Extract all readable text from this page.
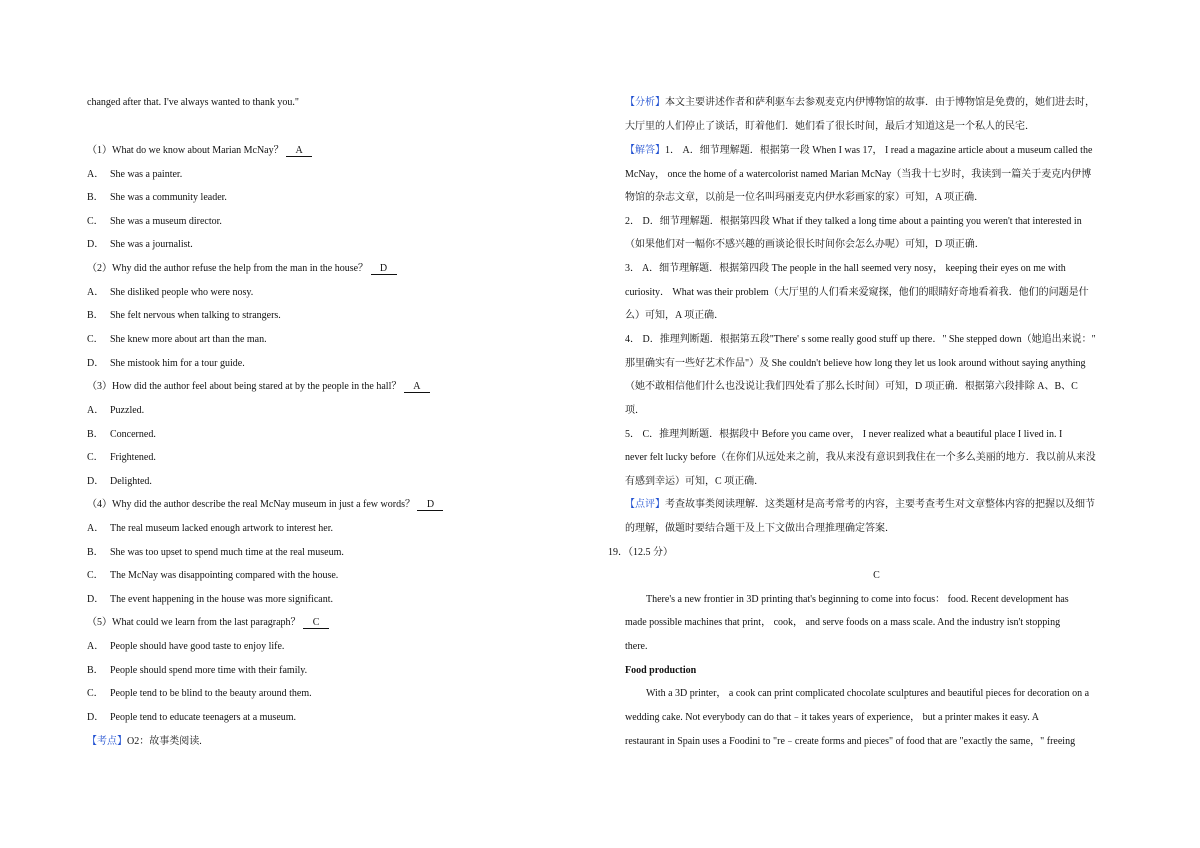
changed after that. I've always wanted to thank you."
（1）What do we know about Marian McNay？ A
A． She was a painter.
B． She was a community leader.
C． She was a museum director.
D． She was a journalist.
（2）Why did the author refuse the help from the man in the house？ D
A． She disliked people who were nosy.
B． She felt nervous when talking to strangers.
C． She knew more about art than the man.
D． She mistook him for a tour guide.
（3）How did the author feel about being stared at by the people in the hall？ A
A． Puzzled.
B． Concerned.
C． Frightened.
D． Delighted.
（4）Why did the author describe the real McNay museum in just a few words？ D
A． The real museum lacked enough artwork to interest her.
B． She was too upset to spend much time at the real museum.
C． The McNay was disappointing compared with the house.
D． The event happening in the house was more significant.
（5）What could we learn from the last paragraph？ C
A． People should have good taste to enjoy life.
B． People should spend more time with their family.
C． People tend to be blind to the beauty around them.
D． People tend to educate teenagers at a museum.
【考点】O2：故事类阅读.
【分析】本文主要讲述作者和萨利驱车去参观麦克内伊博物馆的故事．由于博物馆是免费的，她们进去时，
大厅里的人们停止了谈话，盯着他们．她们看了很长时间，最后才知道这是一个私人的民宅．
【解答】1． A．细节理解题．根据第一段 When I was 17， I read a magazine article about a museum called the
McNay， once the home of a watercolorist named Marian McNay（当我十七岁时，我读到一篇关于麦克内伊博
物馆的杂志文章，以前是一位名叫玛丽麦克内伊水彩画家的家）可知，A 项正确．
2． D．细节理解题．根据第四段 What if they talked a long time about a painting you weren't that interested in
（如果他们对一幅你不感兴趣的画谈论很长时间你会怎么办呢）可知，D 项正确．
3． A．细节理解题．根据第四段 The people in the hall seemed very nosy， keeping their eyes on me with
curiosity． What was their problem（大厅里的人们看来爱窥探，他们的眼睛好奇地看着我．他们的问题是什
么）可知，A 项正确．
4． D．推理判断题．根据第五段"There' s some really good stuff up there．" She stepped down（她追出来说："
那里确实有一些好艺术作品"）及 She couldn't believe how long they let us look around without saying anything
（她不敢相信他们什么也没说让我们四处看了那么长时间）可知，D 项正确．根据第六段排除 A、B、C
项．
5． C．推理判断题．根据段中 Before you came over， I never realized what a beautiful place I lived in. I
never felt lucky before（在你们从远处来之前，我从来没有意识到我住在一个多么美丽的地方．我以前从来没
有感到幸运）可知，C 项正确．
【点评】考查故事类阅读理解．这类题材是高考常考的内容，主要考查考生对文章整体内容的把握以及细节
的理解，做题时要结合题干及上下文做出合理推理确定答案．
19．（12.5 分）
C
There's a new frontier in 3D printing that's beginning to come into focus： food. Recent development has
made possible machines that print， cook， and serve foods on a mass scale. And the industry isn't stopping
there.
Food production
With a 3D printer， a cook can print complicated chocolate sculptures and beautiful pieces for decoration on a
wedding cake. Not everybody can do that﹣it takes years of experience， but a printer makes it easy. A
restaurant in Spain uses a Foodini to "re﹣create forms and pieces" of food that are "exactly the same，" freeing
